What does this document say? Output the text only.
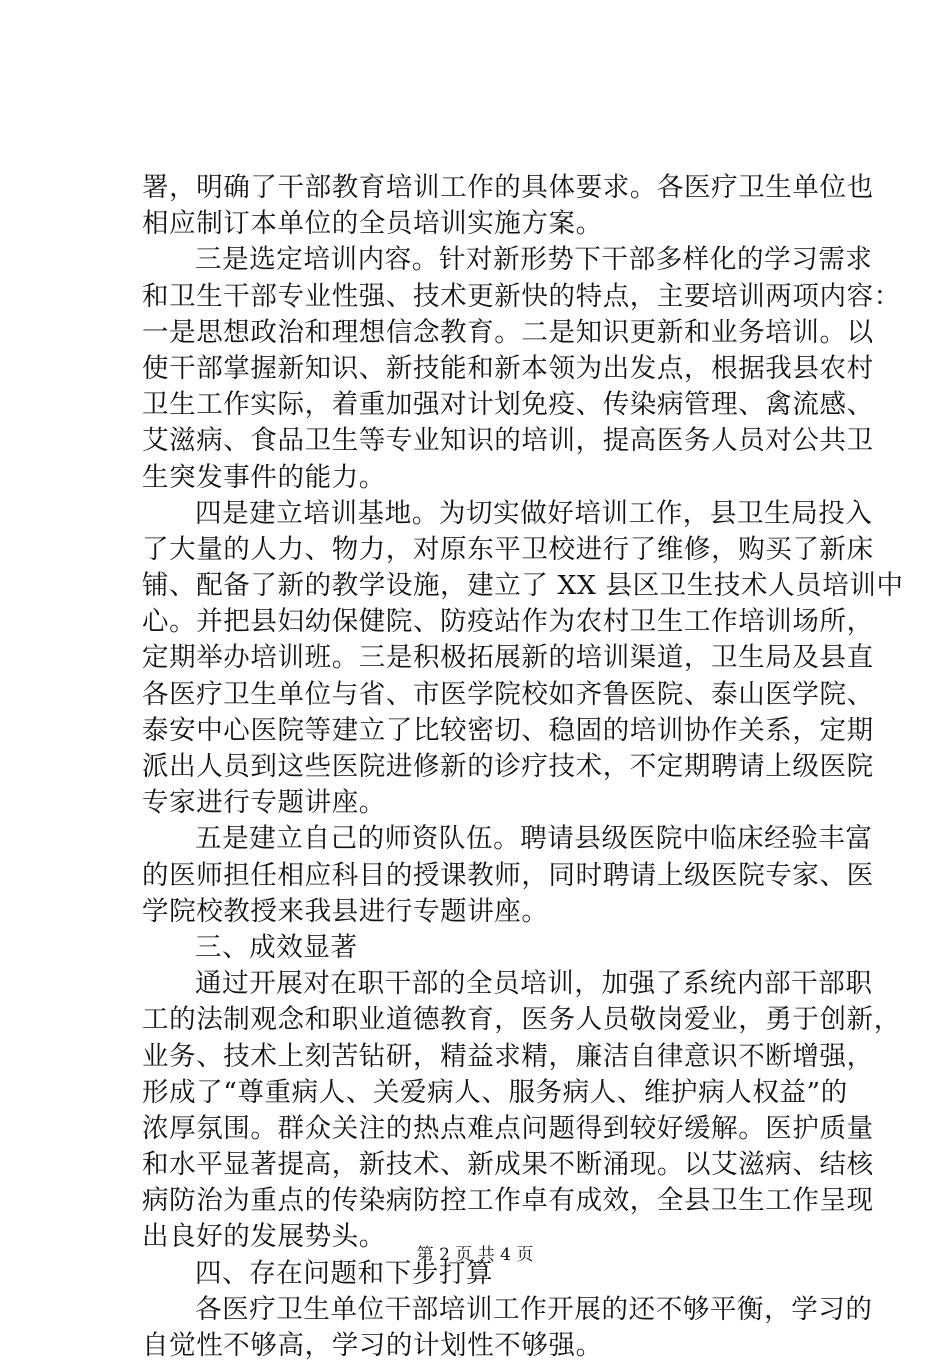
署，明确了干部教育培训工作的具体要求。各医疗卫生单位也
相应制订本单位的全员培训实施方案。
三是选定培训内容。针对新形势下干部多样化的学习需求
和卫生干部专业性强、技术更新快的特点，主要培训两项内容：
一是思想政治和理想信念教育。二是知识更新和业务培训。以
使干部掌握新知识、新技能和新本领为出发点，根据我县农村
卫生工作实际，着重加强对计划免疫、传染病管理、禽流感、
艾滋病、食品卫生等专业知识的培训，提高医务人员对公共卫
生突发事件的能力。
四是建立培训基地。为切实做好培训工作，县卫生局投入
了大量的人力、物力，对原东平卫校进行了维修，购买了新床
铺、配备了新的教学设施，建立了 XX 县区卫生技术人员培训中
心。并把县妇幼保健院、防疫站作为农村卫生工作培训场所，
定期举办培训班。三是积极拓展新的培训渠道，卫生局及县直
各医疗卫生单位与省、市医学院校如齐鲁医院、泰山医学院、
泰安中心医院等建立了比较密切、稳固的培训协作关系，定期
派出人员到这些医院进修新的诊疗技术，不定期聘请上级医院
专家进行专题讲座。
五是建立自己的师资队伍。聘请县级医院中临床经验丰富
的医师担任相应科目的授课教师，同时聘请上级医院专家、医
学院校教授来我县进行专题讲座。
三、成效显著
通过开展对在职干部的全员培训，加强了系统内部干部职
工的法制观念和职业道德教育，医务人员敬岗爱业，勇于创新，
业务、技术上刻苦钻研，精益求精，廉洁自律意识不断增强，
形成了“尊重病人、关爱病人、服务病人、维护病人权益”的
浓厚氛围。群众关注的热点难点问题得到较好缓解。医护质量
和水平显著提高，新技术、新成果不断涌现。以艾滋病、结核
病防治为重点的传染病防控工作卓有成效，全县卫生工作呈现
出良好的发展势头。
四、存在问题和下步打算
各医疗卫生单位干部培训工作开展的还不够平衡，学习的
自觉性不够高，学习的计划性不够强。
第 2 页 共 4 页
